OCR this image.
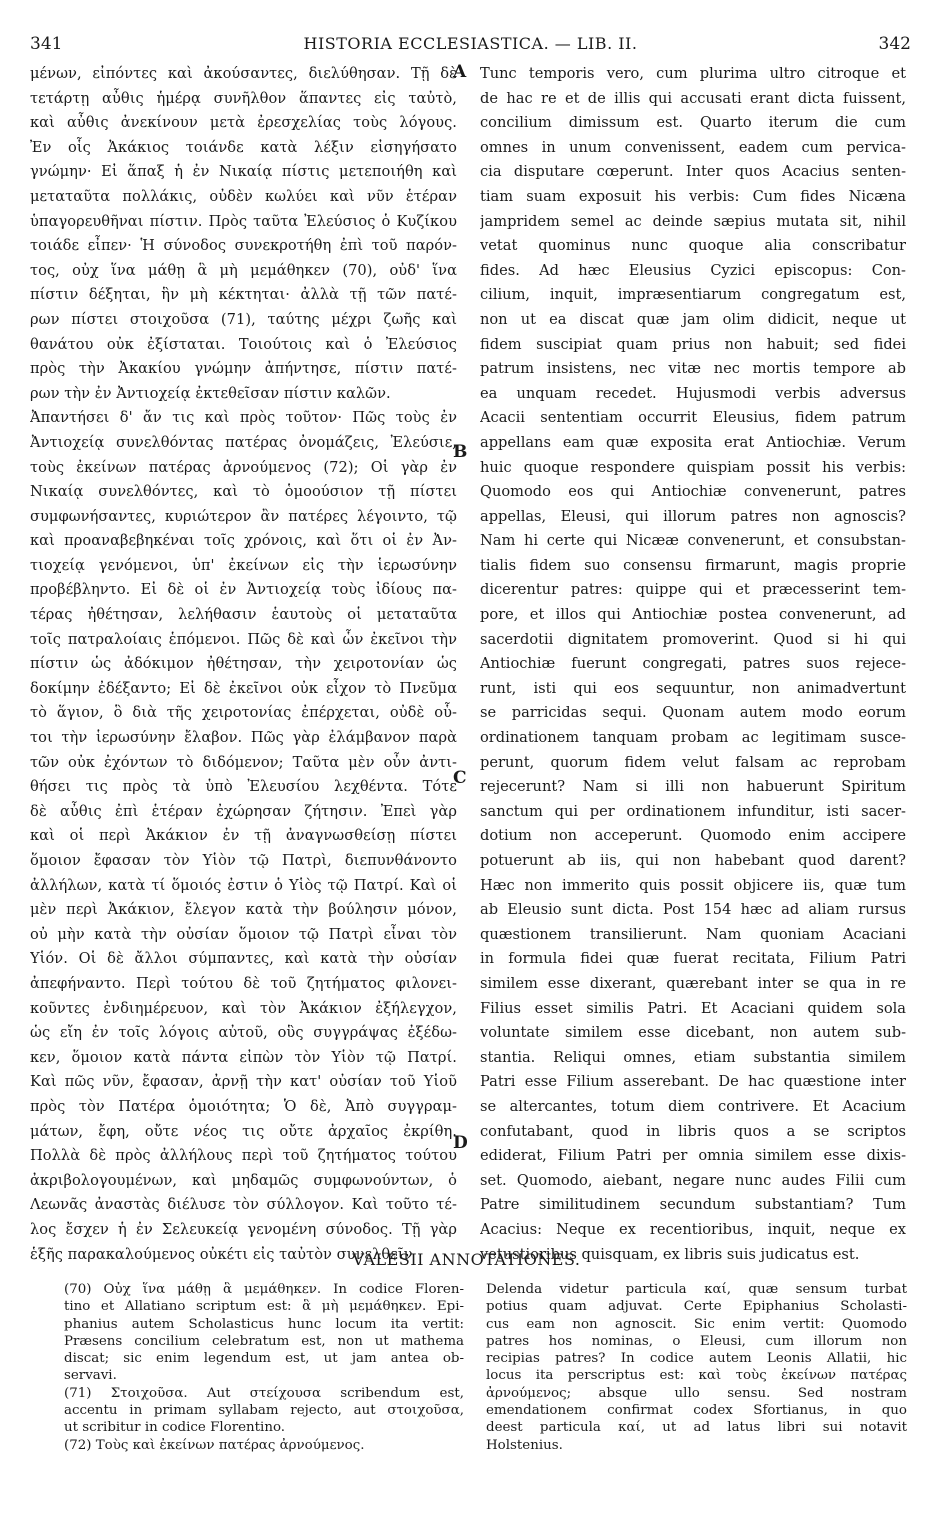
341	HISTORIA ECCLESIASTICA. — LIB. II.	342
μένων, εἰπόντες καὶ ἀκούσαντες, διελύθησαν. Τῇ δὲ
τετάρτῃ αὖθις ἡμέρᾳ συνῆλθον ἅπαντες εἰς ταὐτὸ,
καὶ αὖθις ἀνεκίνουν μετὰ ἐρεσχελίας τοὺς λόγους.
Ἐν οἷς Ἀκάκιος τοιάνδε κατὰ λέξιν εἰσηγήσατο
γνώμην· Εἰ ἅπαξ ἡ ἐν Νικαίᾳ πίστις μετεποιήθη καὶ
μεταταῦτα πολλάκις, οὐδὲν κωλύει καὶ νῦν ἑτέραν
ὑπαγορευθῆναι πίστιν. Πρὸς ταῦτα Ἐλεύσιος ὁ Κυζίκου
τοιάδε εἶπεν· Ἡ σύνοδος συνεκροτήθη ἐπὶ τοῦ παρόν-
τος, οὐχ ἵνα μάθῃ ἃ μὴ μεμάθηκεν (70), οὐδ' ἵνα
πίστιν δέξηται, ἣν μὴ κέκτηται· ἀλλὰ τῇ τῶν πατέ-
ρων πίστει στοιχοῦσα (71), ταύτης μέχρι ζωῆς καὶ
θανάτου οὐκ ἐξίσταται. Τοιούτοις καὶ ὁ Ἐλεύσιος
πρὸς τὴν Ἀκακίου γνώμην ἀπήντησε, πίστιν πατέ-
ρων τὴν ἐν Ἀντιοχείᾳ ἐκτεθεῖσαν πίστιν καλῶν.
Ἀπαντήσει δ' ἄν τις καὶ πρὸς τοῦτον· Πῶς τοὺς ἐν
Ἀντιοχείᾳ συνελθόντας πατέρας ὀνομάζεις, Ἐλεύσιε,
τοὺς ἐκείνων πατέρας ἀρνούμενος (72); Οἱ γὰρ ἐν
Νικαίᾳ συνελθόντες, καὶ τὸ ὁμοούσιον τῇ πίστει
συμφωνήσαντες, κυριώτερον ἂν πατέρες λέγοιντο, τῷ
καὶ προαναβεβηκέναι τοῖς χρόνοις, καὶ ὅτι οἱ ἐν Ἀν-
τιοχείᾳ γενόμενοι, ὑπ' ἐκείνων εἰς τὴν ἱερωσύνην
προβέβληντο. Εἰ δὲ οἱ ἐν Ἀντιοχείᾳ τοὺς ἰδίους πα-
τέρας ἠθέτησαν, λελήθασιν ἑαυτοὺς οἱ μεταταῦτα
τοῖς πατραλοίαις ἑπόμενοι. Πῶς δὲ καὶ ὧν ἐκεῖνοι τὴν
πίστιν ὡς ἀδόκιμον ἠθέτησαν, τὴν χειροτονίαν ὡς
δοκίμην ἐδέξαντο; Εἰ δὲ ἐκεῖνοι οὐκ εἶχον τὸ Πνεῦμα
τὸ ἅγιον, ὃ διὰ τῆς χειροτονίας ἐπέρχεται, οὐδὲ οὗ-
τοι τὴν ἱερωσύνην ἔλαβον. Πῶς γὰρ ἐλάμβανον παρὰ
τῶν οὐκ ἐχόντων τὸ διδόμενον; Ταῦτα μὲν οὖν ἀντι-
θήσει τις πρὸς τὰ ὑπὸ Ἐλευσίου λεχθέντα. Τότε
δὲ αὖθις ἐπὶ ἑτέραν ἐχώρησαν ζήτησιν. Ἐπεὶ γὰρ
καὶ οἱ περὶ Ἀκάκιον ἐν τῇ ἀναγνωσθείσῃ πίστει
ὅμοιον ἔφασαν τὸν Υἱὸν τῷ Πατρὶ, διεπυνθάνοντο
ἀλλήλων, κατὰ τί ὅμοιός ἐστιν ὁ Υἱὸς τῷ Πατρί. Καὶ οἱ
μὲν περὶ Ἀκάκιον, ἔλεγον κατὰ τὴν βούλησιν μόνον,
οὐ μὴν κατὰ τὴν οὐσίαν ὅμοιον τῷ Πατρὶ εἶναι τὸν
Υἱόν. Οἱ δὲ ἄλλοι σύμπαντες, καὶ κατὰ τὴν οὐσίαν
ἀπεφήναντο. Περὶ τούτου δὲ τοῦ ζητήματος φιλονει-
κοῦντες ἐνδιημέρευον, καὶ τὸν Ἀκάκιον ἐξήλεγχον,
ὡς εἴη ἐν τοῖς λόγοις αὐτοῦ, οὓς συγγράψας ἐξέδω-
κεν, ὅμοιον κατὰ πάντα εἰπὼν τὸν Υἱὸν τῷ Πατρί.
Καὶ πῶς νῦν, ἔφασαν, ἀρνῇ τὴν κατ' οὐσίαν τοῦ Υἱοῦ
πρὸς τὸν Πατέρα ὁμοιότητα; Ὁ δὲ, Ἀπὸ συγγραμ-
μάτων, ἔφη, οὔτε νέος τις οὔτε ἀρχαῖος ἐκρίθη.
Πολλὰ δὲ πρὸς ἀλλήλους περὶ τοῦ ζητήματος τούτου
ἀκριβολογουμένων, καὶ μηδαμῶς συμφωνούντων, ὁ
Λεωνᾶς ἀναστὰς διέλυσε τὸν σύλλογον. Καὶ τοῦτο τέ-
λος ἔσχεν ἡ ἐν Σελευκείᾳ γενομένη σύνοδος. Τῇ γὰρ
ἑξῆς παρακαλούμενος οὐκέτι εἰς ταὐτὸν συνελθεῖν
Tunc temporis vero, cum plurima ultro citroque et
de hac re et de illis qui accusati erant dicta fuissent,
concilium dimissum est. Quarto iterum die cum
omnes in unum convenissent, eadem cum pervica-
cia disputare cœperunt. Inter quos Acacius senten-
tiam suam exposuit his verbis: Cum fides Nicæna
jampridem semel ac deinde sæpius mutata sit, nihil
vetat quominus nunc quoque alia conscribatur
fides. Ad hæc Eleusius Cyzici episcopus: Con-
cilium, inquit, impræsentiarum congregatum est,
non ut ea discat quæ jam olim didicit, neque ut
fidem suscipiat quam prius non habuit; sed fidei
patrum insistens, nec vitæ nec mortis tempore ab
ea unquam recedet. Hujusmodi verbis adversus
Acacii sententiam occurrit Eleusius, fidem patrum
appellans eam quæ exposita erat Antiochiæ. Verum
huic quoque respondere quispiam possit his verbis:
Quomodo eos qui Antiochiæ convenerunt, patres
appellas, Eleusi, qui illorum patres non agnoscis?
Nam hi certe qui Nicææ convenerunt, et consubstan-
tialis fidem suo consensu firmarunt, magis proprie
dicerentur patres: quippe qui et præcesserint tem-
pore, et illos qui Antiochiæ postea convenerunt, ad
sacerdotii dignitatem promoverint. Quod si hi qui
Antiochiæ fuerunt congregati, patres suos rejece-
runt, isti qui eos sequuntur, non animadvertunt
se parricidas sequi. Quonam autem modo eorum
ordinationem tanquam probam ac legitimam susce-
perunt, quorum fidem velut falsam ac reprobam
rejecerunt? Nam si illi non habuerunt Spiritum
sanctum qui per ordinationem infunditur, isti sacer-
dotium non acceperunt. Quomodo enim accipere
potuerunt ab iis, qui non habebant quod darent?
Hæc non immerito quis possit objicere iis, quæ tum
ab Eleusio sunt dicta. Post 154 hæc ad aliam rursus
quæstionem transilierunt. Nam quoniam Acaciani
in formula fidei quæ fuerat recitata, Filium Patri
similem esse dixerant, quærebant inter se qua in re
Filius esset similis Patri. Et Acaciani quidem sola
voluntate similem esse dicebant, non autem sub-
stantia. Reliqui omnes, etiam substantia similem
Patri esse Filium asserebant. De hac quæstione inter
se altercantes, totum diem contrivere. Et Acacium
confutabant, quod in libris quos a se scriptos
ediderat, Filium Patri per omnia similem esse dixis-
set. Quomodo, aiebant, negare nunc audes Filii cum
Patre similitudinem secundum substantiam? Tum
Acacius: Neque ex recentioribus, inquit, neque ex
vetustioribus quisquam, ex libris suis judicatus est.
A
B
C
D
VALESII ANNOTATIONES.
(70) Οὐχ ἵνα μάθῃ ἃ μεμάθηκεν. In codice Floren-
tino et Allatiano scriptum est: ἃ μὴ μεμάθηκεν. Epi-
phanius autem Scholasticus hunc locum ita vertit:
Præsens concilium celebratum est, non ut mathema
discat; sic enim legendum est, ut jam antea ob-
servavi.
(71) Στοιχοῦσα. Aut στείχουσα scribendum est,
accentu in primam syllabam rejecto, aut στοιχοῦσα,
ut scribitur in codice Florentino.
(72) Τοὺς καὶ ἐκείνων πατέρας ἀρνούμενος.
Delenda videtur particula καί, quæ sensum turbat
potius quam adjuvat. Certe Epiphanius Scholasti-
cus eam non agnoscit. Sic enim vertit: Quomodo
patres hos nominas, o Eleusi, cum illorum non
recipias patres? In codice autem Leonis Allatii, hic
locus ita perscriptus est: καὶ τοὺς ἐκείνων πατέρας
ἀρνούμενος; absque ullo sensu. Sed nostram
emendationem confirmat codex Sfortianus, in quo
deest particula καί, ut ad latus libri sui notavit
Holstenius.
